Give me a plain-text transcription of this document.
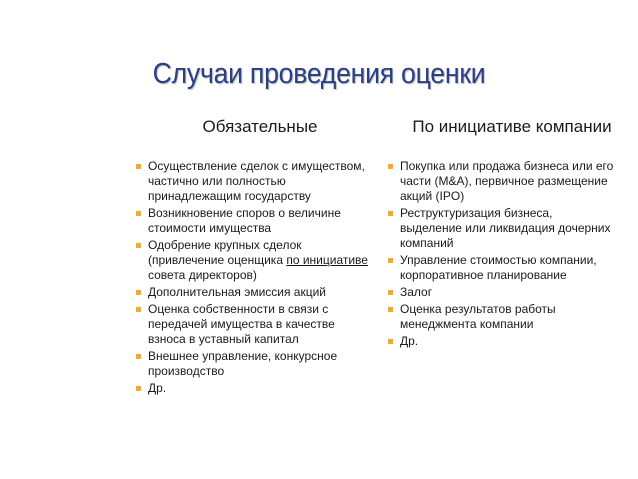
Случаи проведения оценки
Обязательные	По инициативе компании
Осуществление сделок с имуществом, частично или полностью принадлежащим государству
Возникновение споров о величине стоимости имущества
Одобрение крупных сделок (привлечение оценщика по инициативе совета директоров)
Дополнительная эмиссия акций
Оценка собственности в связи с передачей имущества в качестве взноса в уставный капитал
Внешнее управление, конкурсное производство
Др.
Покупка или продажа бизнеса или его части (M&A), первичное размещение акций (IPO)
Реструктуризация бизнеса, выделение или ликвидация дочерних компаний
Управление стоимостью компании, корпоративное планирование
Залог
Оценка результатов работы менеджмента компании
Др.
